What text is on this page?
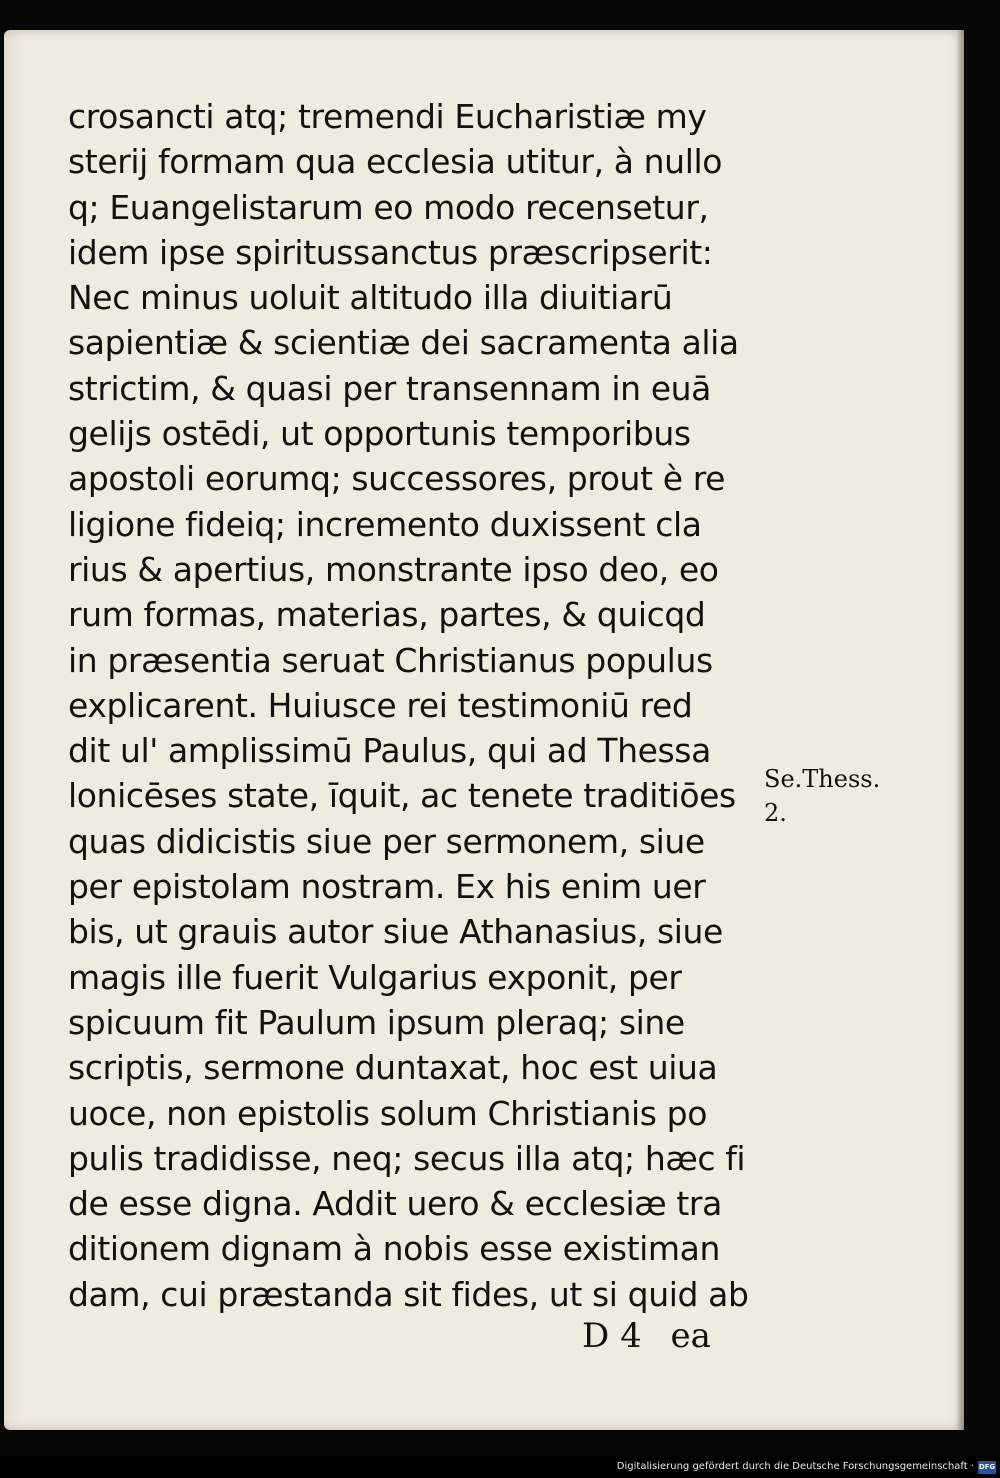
crosancti atq; tremendi Eucharistiæ my
sterij formam qua ecclesia utitur, à nullo
q; Euangelistarum eo modo recensetur,
idem ipse spiritussanctus præscripserit:
Nec minus uoluit altitudo illa diuitiarū
sapientiæ & scientiæ dei sacramenta alia
strictim, & quasi per transennam in euā
gelijs ostēdi, ut opportunis temporibus
apostoli eorumq; successores, prout è re
ligione fideiq; incremento duxissent cla
rius & apertius, monstrante ipso deo, eo
rum formas, materias, partes, & quicqd
in præsentia seruat Christianus populus
explicarent. Huiusce rei testimoniū red
dit ul' amplissimū Paulus, qui ad Thessa
lonicēses state, īquit, ac tenete traditiōes
quas didicistis siue per sermonem, siue
per epistolam nostram. Ex his enim uer
bis, ut grauis autor siue Athanasius, siue
magis ille fuerit Vulgarius exponit, per
spicuum fit Paulum ipsum pleraq; sine
scriptis, sermone duntaxat, hoc est uiua
uoce, non epistolis solum Christianis po
pulis tradidisse, neq; secus illa atq; hæc fi
de esse digna. Addit uero & ecclesiæ tra
ditionem dignam à nobis esse existiman
dam, cui præstanda sit fides, ut si quid ab
Se.Thess.
2.
D 4 ea
Digitalisierung gefördert durch die Deutsche Forschungsgemeinschaft · DFG
